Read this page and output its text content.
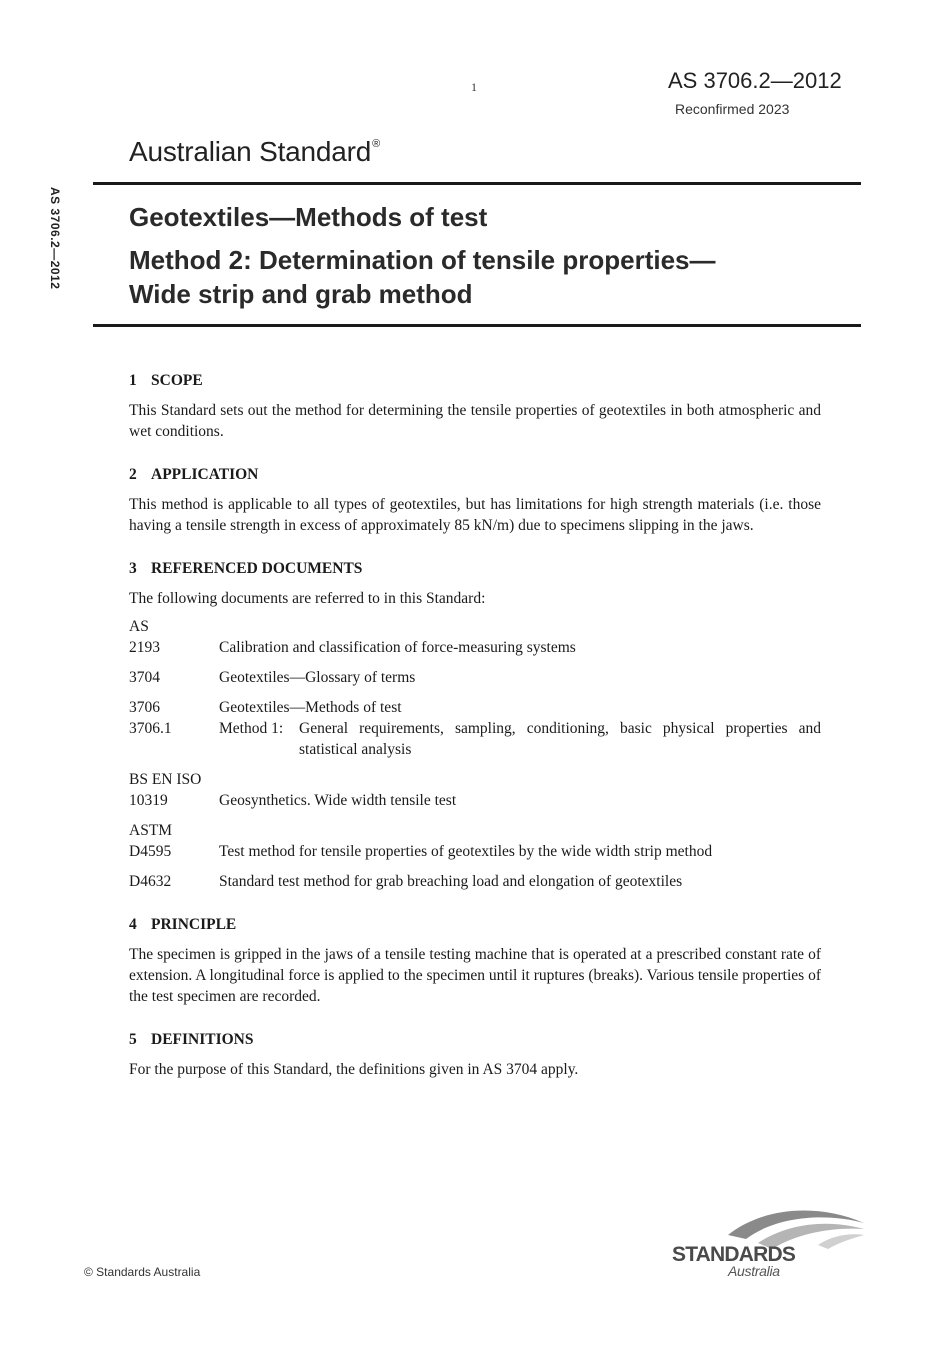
1	AS 3706.2—2012
Reconfirmed 2023
Australian Standard®
AS 3706.2—2012	Geotextiles—Methods of test
Method 2: Determination of tensile properties—
Wide strip and grab method
1 SCOPE

This Standard sets out the method for determining the tensile properties of geotextiles in both atmospheric and wet conditions.

2 APPLICATION

This method is applicable to all types of geotextiles, but has limitations for high strength materials (i.e. those having a tensile strength in excess of approximately 85 kN/m) due to specimens slipping in the jaws.

3 REFERENCED DOCUMENTS

The following documents are referred to in this Standard:

AS
2193	Calibration and classification of force-measuring systems
3704	Geotextiles—Glossary of terms
3706	Geotextiles—Methods of test
3706.1	Method 1:	General requirements, sampling, conditioning, basic physical properties and statistical analysis
BS EN ISO
10319	Geosynthetics. Wide width tensile test
ASTM
D4595	Test method for tensile properties of geotextiles by the wide width strip method
D4632	Standard test method for grab breaching load and elongation of geotextiles
4 PRINCIPLE

The specimen is gripped in the jaws of a tensile testing machine that is operated at a prescribed constant rate of extension. A longitudinal force is applied to the specimen until it ruptures (breaks). Various tensile properties of the test specimen are recorded.

5 DEFINITIONS

For the purpose of this Standard, the definitions given in AS 3704 apply.

© Standards Australia
STANDARDS
Australia
